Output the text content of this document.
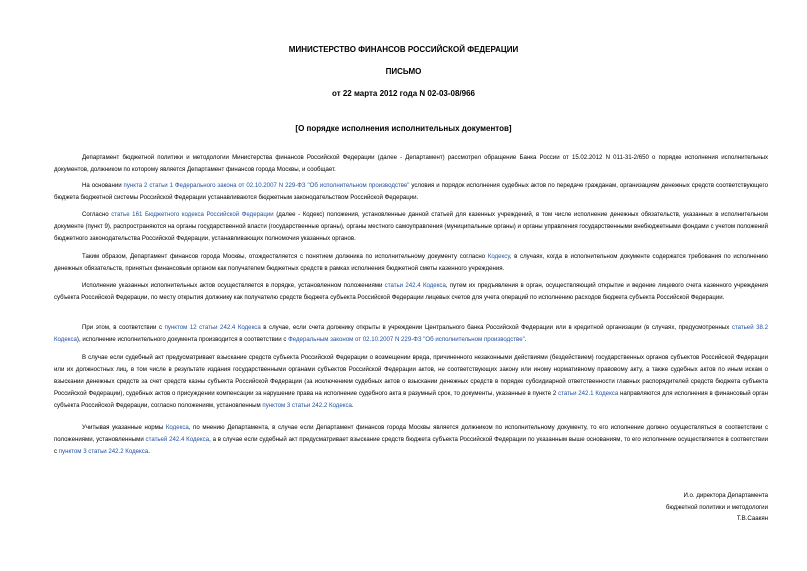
МИНИСТЕРСТВО ФИНАНСОВ РОССИЙСКОЙ ФЕДЕРАЦИИ
ПИСЬМО
от 22 марта 2012 года N 02-03-08/966
[О порядке исполнения исполнительных документов]

Департамент бюджетной политики и методологии Министерства финансов Российской Федерации (далее - Департамент) рассмотрел обращение Банка России от 15.02.2012 N 011-31-2/650 о порядке исполнения исполнительных документов, должником по которому является Департамент финансов города Москвы, и сообщает.

На основании пункта 2 статьи 1 Федерального закона от 02.10.2007 N 229-ФЗ "Об исполнительном производстве" условия и порядок исполнения судебных актов по передаче гражданам, организациям денежных средств соответствующего бюджета бюджетной системы Российской Федерации устанавливаются бюджетным законодательством Российской Федерации.

Согласно статье 161 Бюджетного кодекса Российской Федерации (далее - Кодекс) положения, установленные данной статьей для казенных учреждений, в том числе исполнение денежных обязательств, указанных в исполнительном документе (пункт 9), распространяются на органы государственной власти (государственные органы), органы местного самоуправления (муниципальные органы) и органы управления государственными внебюджетными фондами с учетом положений бюджетного законодательства Российской Федерации, устанавливающих полномочия указанных органов.

Таким образом, Департамент финансов города Москвы, отождествляется с понятием должника по исполнительному документу согласно Кодексу, в случаях, когда в исполнительном документе содержатся требования по исполнению денежных обязательств, принятых финансовым органом как получателем бюджетных средств в рамках исполнения бюджетной сметы казенного учреждения.

Исполнение указанных исполнительных актов осуществляется в порядке, установленном положениями статьи 242.4 Кодекса, путем их предъявления в орган, осуществляющий открытие и ведение лицевого счета казенного учреждения субъекта Российской Федерации, по месту открытия должнику как получателю средств бюджета субъекта Российской Федерации лицевых счетов для учета операций по исполнению расходов бюджета субъекта Российской Федерации.

При этом, в соответствии с пунктом 12 статьи 242.4 Кодекса в случае, если счета должнику открыты в учреждении Центрального банка Российской Федерации или в кредитной организации (в случаях, предусмотренных статьей 38.2 Кодекса), исполнение исполнительного документа производится в соответствии с Федеральным законом от 02.10.2007 N 229-ФЗ "Об исполнительном производстве".

В случае если судебный акт предусматривает взыскание средств субъекта Российской Федерации о возмещении вреда, причиненного незаконными действиями (бездействием) государственных органов субъектов Российской Федерации или их должностных лиц, в том числе в результате издания государственными органами субъектов Российской Федерации актов, не соответствующих закону или иному нормативному правовому акту, а также судебных актов по иным искам о взыскании денежных средств за счет средств казны субъекта Российской Федерации (за исключением судебных актов о взыскании денежных средств в порядке субсидиарной ответственности главных распорядителей средств бюджета субъекта Российской Федерации), судебных актов о присуждении компенсации за нарушение права на исполнение судебного акта в разумный срок, то документы, указанные в пункте 2 статьи 242.1 Кодекса направляются для исполнения в финансовый орган субъекта Российской Федерации, согласно положениям, установленным пунктом 3 статьи 242.2 Кодекса.

Учитывая указанные нормы Кодекса, по мнению Департамента, в случае если Департамент финансов города Москвы является должником по исполнительному документу, то его исполнение должно осуществляться в соответствии с положениями, установленными статьей 242.4 Кодекса, а в случае если судебный акт предусматривает взыскание средств бюджета субъекта Российской Федерации по указанным выше основаниям, то его исполнение осуществляется в соответствии с пунктом 3 статьи 242.2 Кодекса.

И.о. директора Департамента
бюджетной политики и методологии
Т.В.Саакян
